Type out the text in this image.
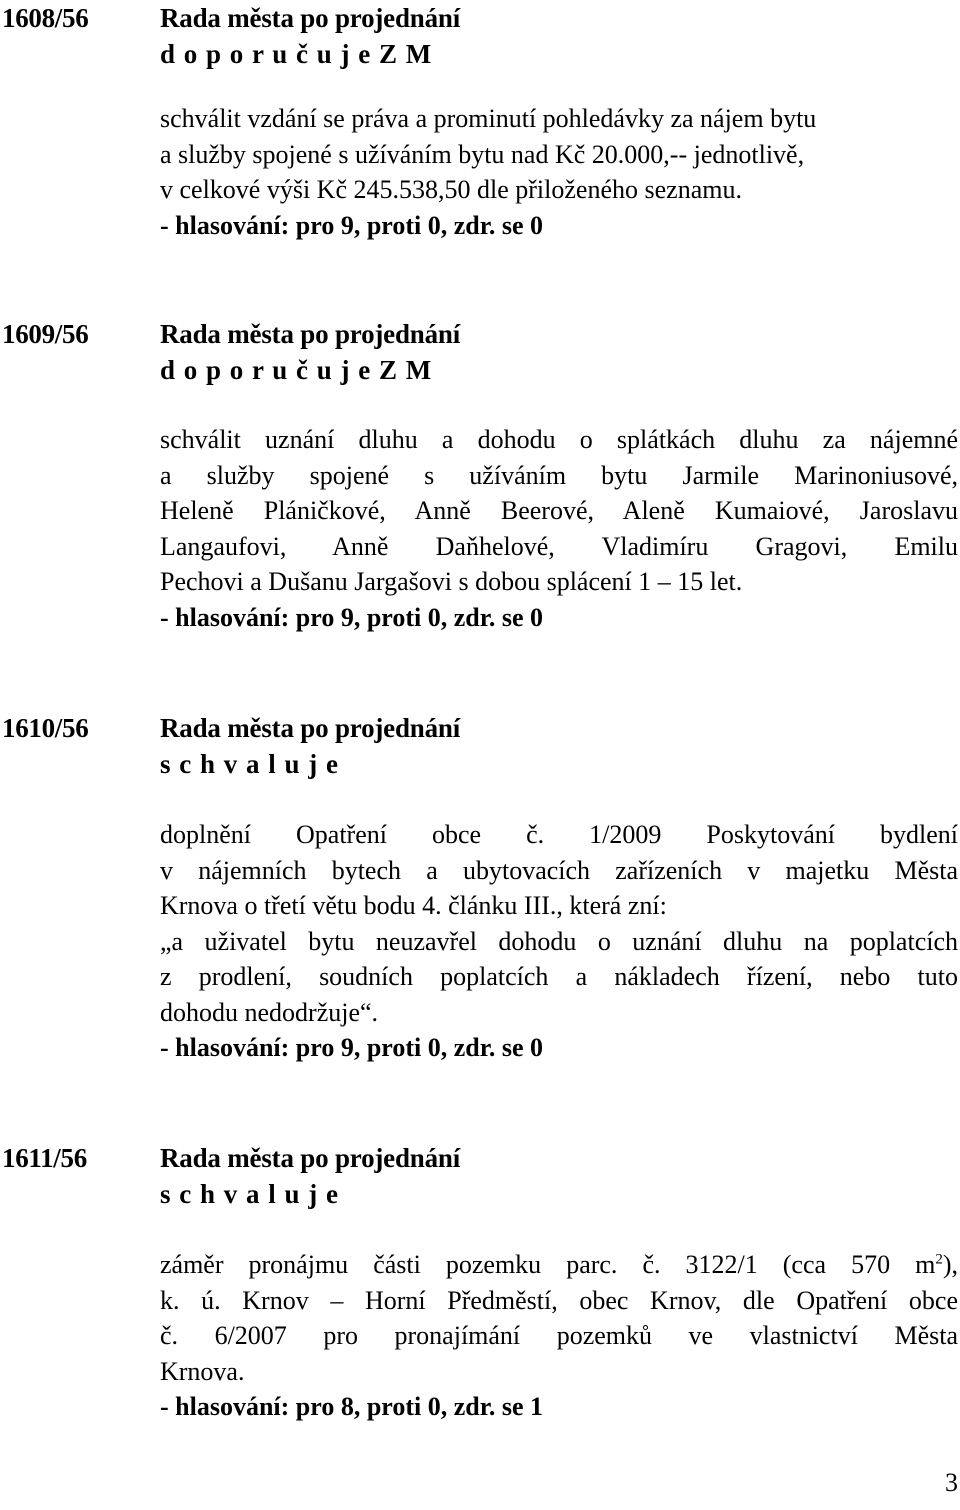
1608/56	Rada města po projednání
d o p o r u č u j e Z M
schválit vzdání se práva a prominutí pohledávky za nájem bytu
a služby spojené s užíváním bytu nad Kč 20.000,-- jednotlivě,
v celkové výši Kč 245.538,50 dle přiloženého seznamu.
- hlasování: pro 9, proti 0, zdr. se 0
1609/56	Rada města po projednání
d o p o r u č u j e Z M
schválit uznání dluhu a dohodu o splátkách dluhu za nájemné
a služby spojené s užíváním bytu Jarmile Marinoniusové,
Heleně Pláničkové, Anně Beerové, Aleně Kumaiové, Jaroslavu
Langaufovi, Anně Daňhelové, Vladimíru Gragovi, Emilu
Pechovi a Dušanu Jargašovi s dobou splácení 1 – 15 let.
- hlasování: pro 9, proti 0, zdr. se 0
1610/56	Rada města po projednání
s c h v a l u j e
doplnění Opatření obce č. 1/2009 Poskytování bydlení
v nájemních bytech a ubytovacích zařízeních v majetku Města
Krnova o třetí větu bodu 4. článku III., která zní:
„a uživatel bytu neuzavřel dohodu o uznání dluhu na poplatcích
z prodlení, soudních poplatcích a nákladech řízení, nebo tuto
dohodu nedodržuje“.
- hlasování: pro 9, proti 0, zdr. se 0
1611/56	Rada města po projednání
s c h v a l u j e
záměr pronájmu části pozemku parc. č. 3122/1 (cca 570 $m^2$),
k. ú. Krnov – Horní Předměstí, obec Krnov, dle Opatření obce
č. 6/2007 pro pronajímání pozemků ve vlastnictví Města
Krnova.
- hlasování: pro 8, proti 0, zdr. se 1
3
